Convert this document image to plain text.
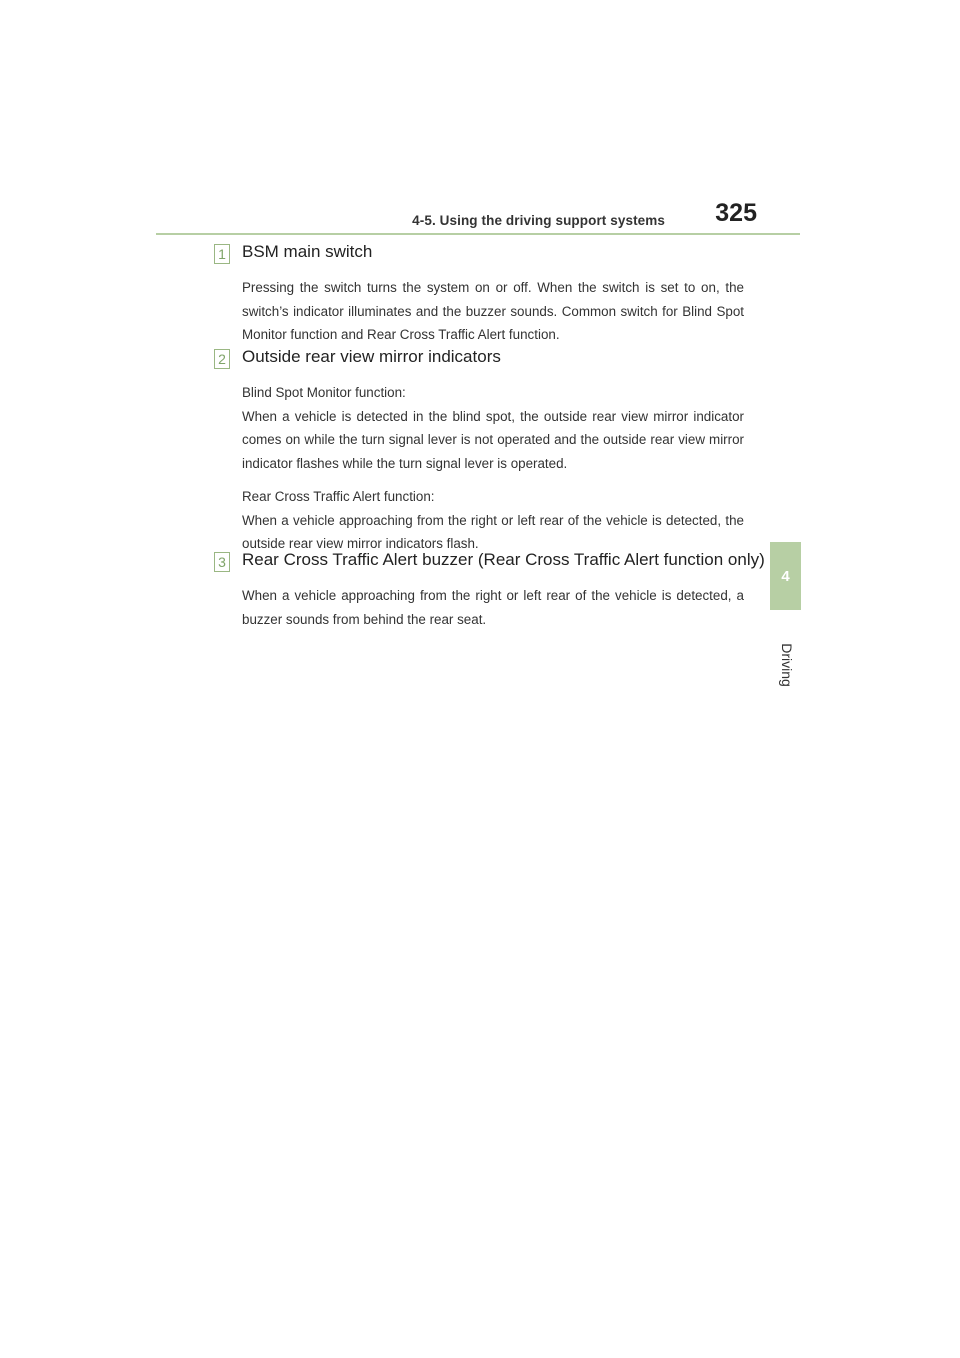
4-5. Using the driving support systems 325
4
Driving
1 BSM main switch

Pressing the switch turns the system on or off. When the switch is set to on, the switch’s indicator illuminates and the buzzer sounds. Common switch for Blind Spot Monitor function and Rear Cross Traffic Alert function.

2 Outside rear view mirror indicators

Blind Spot Monitor function:

When a vehicle is detected in the blind spot, the outside rear view mirror indicator comes on while the turn signal lever is not operated and the outside rear view mirror indicator flashes while the turn signal lever is operated.

Rear Cross Traffic Alert function:

When a vehicle approaching from the right or left rear of the vehicle is detected, the outside rear view mirror indicators flash.

3 Rear Cross Traffic Alert buzzer (Rear Cross Traffic Alert function only)

When a vehicle approaching from the right or left rear of the vehicle is detected, a buzzer sounds from behind the rear seat.
